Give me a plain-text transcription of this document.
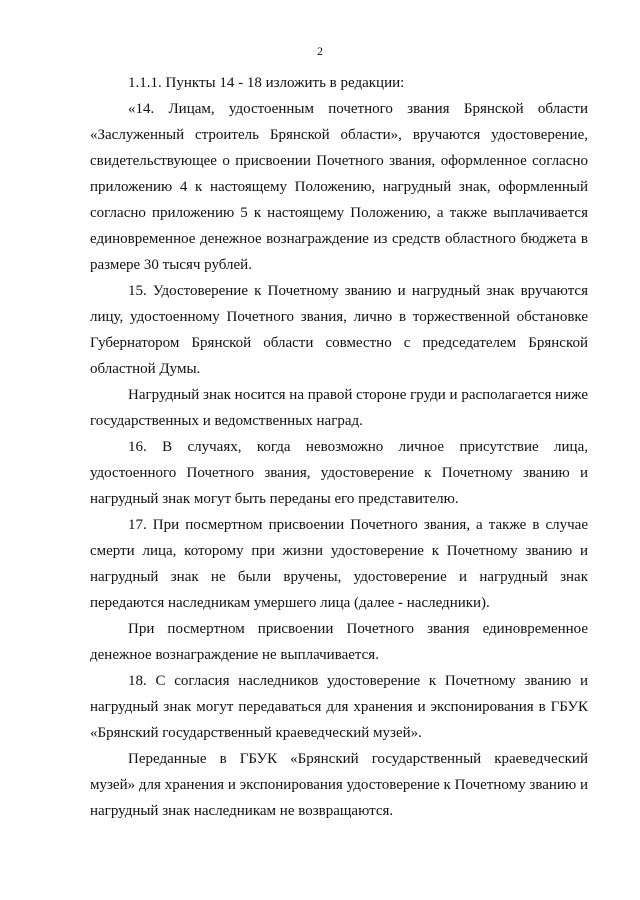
2

1.1.1. Пункты 14 - 18 изложить в редакции:

«14. Лицам, удостоенным почетного звания Брянской области «Заслуженный строитель Брянской области», вручаются удостоверение, свидетельствующее о присвоении Почетного звания, оформленное согласно приложению 4 к настоящему Положению, нагрудный знак, оформленный согласно приложению 5 к настоящему Положению, а также выплачивается единовременное денежное вознаграждение из средств областного бюджета в размере 30 тысяч рублей.

15. Удостоверение к Почетному званию и нагрудный знак вручаются лицу, удостоенному Почетного звания, лично в торжественной обстановке Губернатором Брянской области совместно с председателем Брянской областной Думы.

Нагрудный знак носится на правой стороне груди и располагается ниже государственных и ведомственных наград.

16. В случаях, когда невозможно личное присутствие лица, удостоенного Почетного звания, удостоверение к Почетному званию и нагрудный знак могут быть переданы его представителю.

17. При посмертном присвоении Почетного звания, а также в случае смерти лица, которому при жизни удостоверение к Почетному званию и нагрудный знак не были вручены, удостоверение и нагрудный знак передаются наследникам умершего лица (далее - наследники).

При посмертном присвоении Почетного звания единовременное денежное вознаграждение не выплачивается.

18. С согласия наследников удостоверение к Почетному званию и нагрудный знак могут передаваться для хранения и экспонирования в ГБУК «Брянский государственный краеведческий музей».

Переданные в ГБУК «Брянский государственный краеведческий музей» для хранения и экспонирования удостоверение к Почетному званию и нагрудный знак наследникам не возвращаются.
